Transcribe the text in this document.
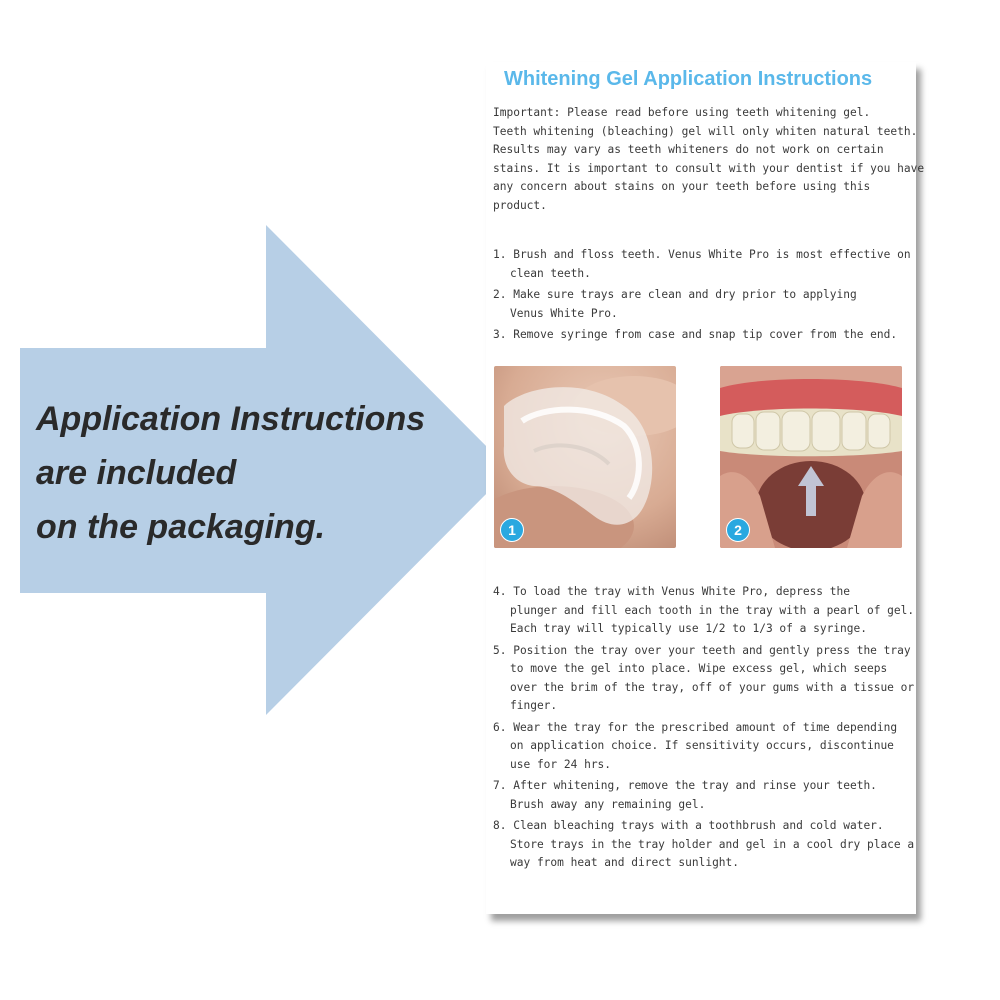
Application Instructions
are included
on the packaging.
Whitening Gel Application Instructions
Important: Please read before using teeth whitening gel.
Teeth whitening (bleaching) gel will only whiten natural teeth.
Results may vary as teeth whiteners do not work on certain
stains. It is important to consult with your dentist if you have
any concern about stains on your teeth before using this
product.
1. Brush and floss teeth. Venus White Pro is most effective on
clean teeth.
2. Make sure trays are clean and dry prior to applying
Venus White Pro.
3. Remove syringe from case and snap tip cover from the end.
1	2
4. To load the tray with Venus White Pro, depress the
plunger and fill each tooth in the tray with a pearl of gel.
Each tray will typically use 1/2 to 1/3 of a syringe.
5. Position the tray over your teeth and gently press the tray
to move the gel into place. Wipe excess gel, which seeps
over the brim of the tray, off of your gums with a tissue or
finger.
6. Wear the tray for the prescribed amount of time depending
on application choice. If sensitivity occurs, discontinue
use for 24 hrs.
7. After whitening, remove the tray and rinse your teeth.
Brush away any remaining gel.
8. Clean bleaching trays with a toothbrush and cold water.
Store trays in the tray holder and gel in a cool dry place a
way from heat and direct sunlight.
